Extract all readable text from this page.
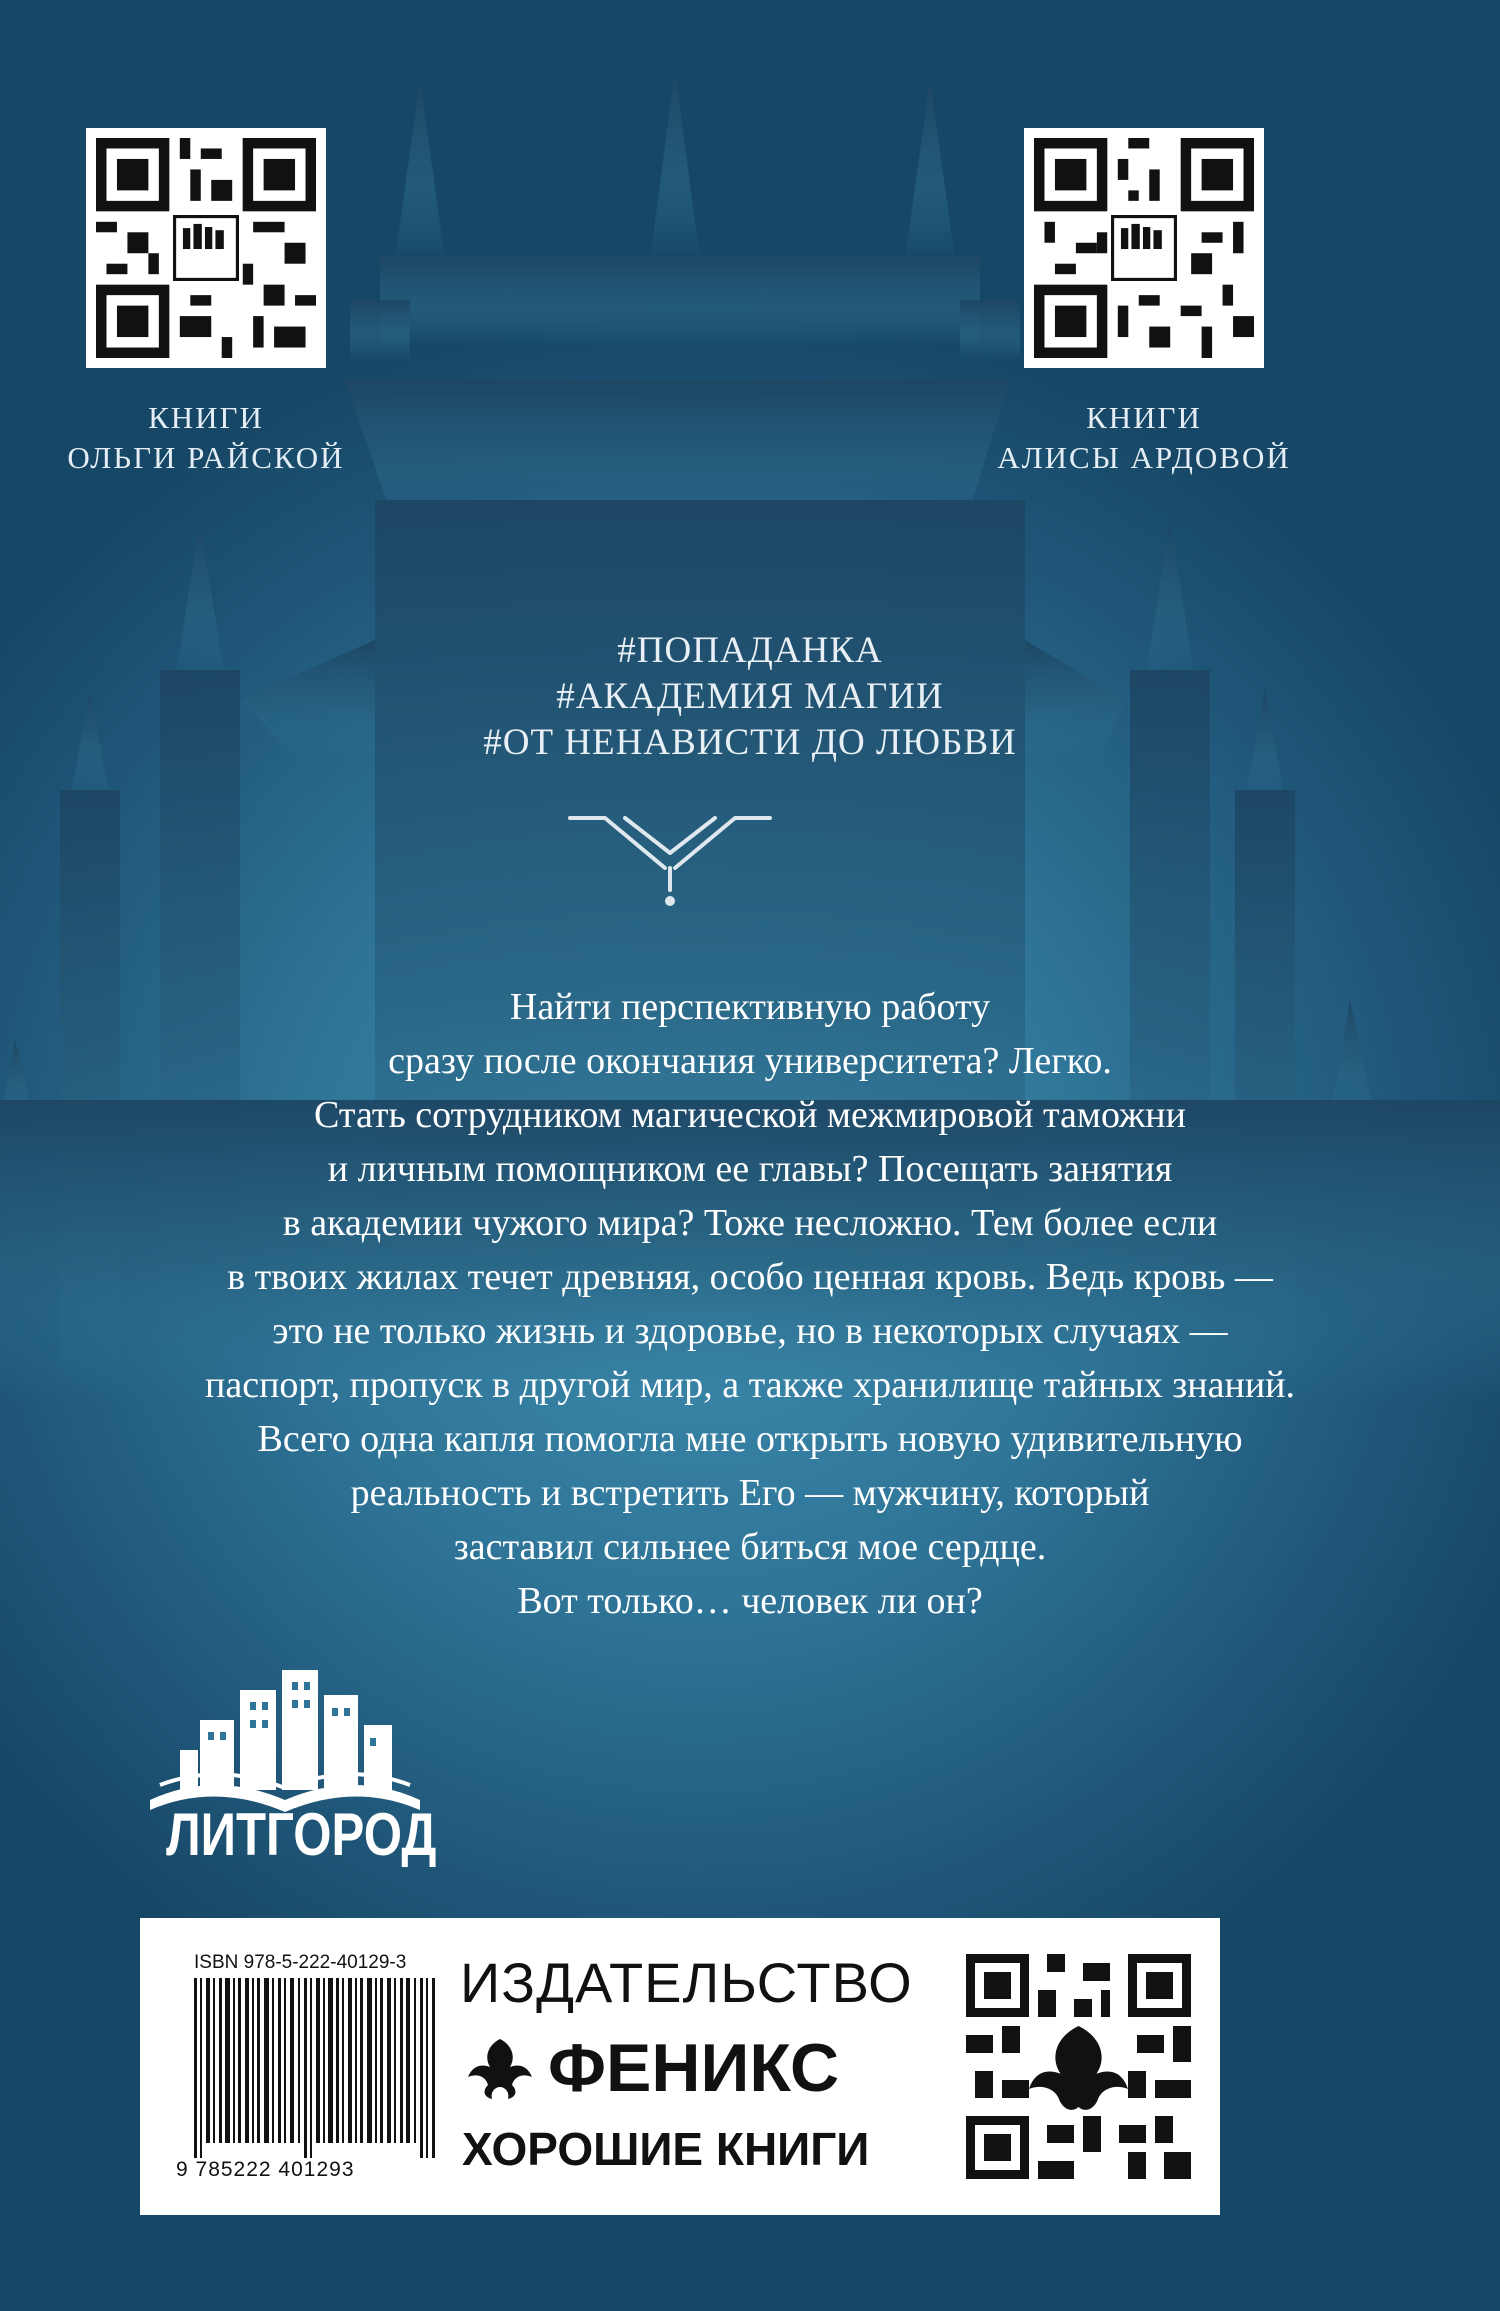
КНИГИ
ОЛЬГИ РАЙСКОЙ
КНИГИ
АЛИСЫ АРДОВОЙ
#ПОПАДАНКА
#АКАДЕМИЯ МАГИИ
#ОТ НЕНАВИСТИ ДО ЛЮБВИ
Найти перспективную работу
сразу после окончания университета? Легко.
Стать сотрудником магической межмировой таможни
и личным помощником ее главы? Посещать занятия
в академии чужого мира? Тоже несложно. Тем более если
в твоих жилах течет древняя, особо ценная кровь. Ведь кровь —
это не только жизнь и здоровье, но в некоторых случаях —
паспорт, пропуск в другой мир, а также хранилище тайных знаний.
Всего одна капля помогла мне открыть новую удивительную
реальность и встретить Его — мужчину, который
заставил сильнее биться мое сердце.
Вот только… человек ли он?
ЛИТГОРОД
ISBN 978-5-222-40129-3
9 785222 401293
ИЗДАТЕЛЬСТВО
ФЕНИКС
ХОРОШИЕ КНИГИ
